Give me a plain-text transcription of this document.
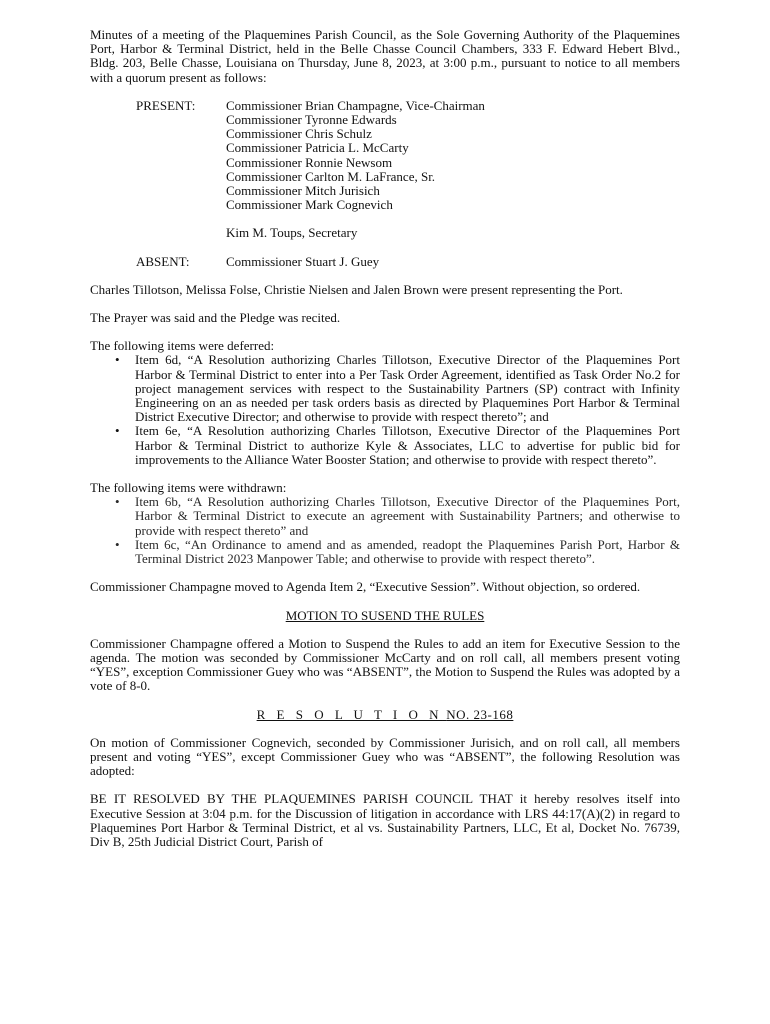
Minutes of a meeting of the Plaquemines Parish Council, as the Sole Governing Authority of the Plaquemines Port, Harbor & Terminal District, held in the Belle Chasse Council Chambers, 333 F. Edward Hebert Blvd., Bldg. 203, Belle Chasse, Louisiana on Thursday, June 8, 2023, at 3:00 p.m., pursuant to notice to all members with a quorum present as follows:

PRESENT:	Commissioner Brian Champagne, Vice-Chairman
Commissioner Tyronne Edwards
Commissioner Chris Schulz
Commissioner Patricia L. McCarty
Commissioner Ronnie Newsom
Commissioner Carlton M. LaFrance, Sr.
Commissioner Mitch Jurisich
Commissioner Mark Cognevich
Kim M. Toups, Secretary
ABSENT:	Commissioner Stuart J. Guey

Charles Tillotson, Melissa Folse, Christie Nielsen and Jalen Brown were present representing the Port.

The Prayer was said and the Pledge was recited.

The following items were deferred:

• Item 6d, “A Resolution authorizing Charles Tillotson, Executive Director of the Plaquemines Port Harbor & Terminal District to enter into a Per Task Order Agreement, identified as Task Order No.2 for project management services with respect to the Sustainability Partners (SP) contract with Infinity Engineering on an as needed per task orders basis as directed by Plaquemines Port Harbor & Terminal District Executive Director; and otherwise to provide with respect thereto”; and
• Item 6e, “A Resolution authorizing Charles Tillotson, Executive Director of the Plaquemines Port Harbor & Terminal District to authorize Kyle & Associates, LLC to advertise for public bid for improvements to the Alliance Water Booster Station; and otherwise to provide with respect thereto”.

The following items were withdrawn:

• Item 6b, “A Resolution authorizing Charles Tillotson, Executive Director of the Plaquemines Port, Harbor & Terminal District to execute an agreement with Sustainability Partners; and otherwise to provide with respect thereto” and
• Item 6c, “An Ordinance to amend and as amended, readopt the Plaquemines Parish Port, Harbor & Terminal District 2023 Manpower Table; and otherwise to provide with respect thereto”.

Commissioner Champagne moved to Agenda Item 2, “Executive Session”. Without objection, so ordered.

MOTION TO SUSEND THE RULES

Commissioner Champagne offered a Motion to Suspend the Rules to add an item for Executive Session to the agenda. The motion was seconded by Commissioner McCarty and on roll call, all members present voting “YES”, exception Commissioner Guey who was “ABSENT”, the Motion to Suspend the Rules was adopted by a vote of 8-0.

R E S O L U T I O N NO. 23-168

On motion of Commissioner Cognevich, seconded by Commissioner Jurisich, and on roll call, all members present and voting “YES”, except Commissioner Guey who was “ABSENT”, the following Resolution was adopted:

BE IT RESOLVED BY THE PLAQUEMINES PARISH COUNCIL THAT it hereby resolves itself into Executive Session at 3:04 p.m. for the Discussion of litigation in accordance with LRS 44:17(A)(2) in regard to Plaquemines Port Harbor & Terminal District, et al vs. Sustainability Partners, LLC, Et al, Docket No. 76739, Div B, 25th Judicial District Court, Parish of
